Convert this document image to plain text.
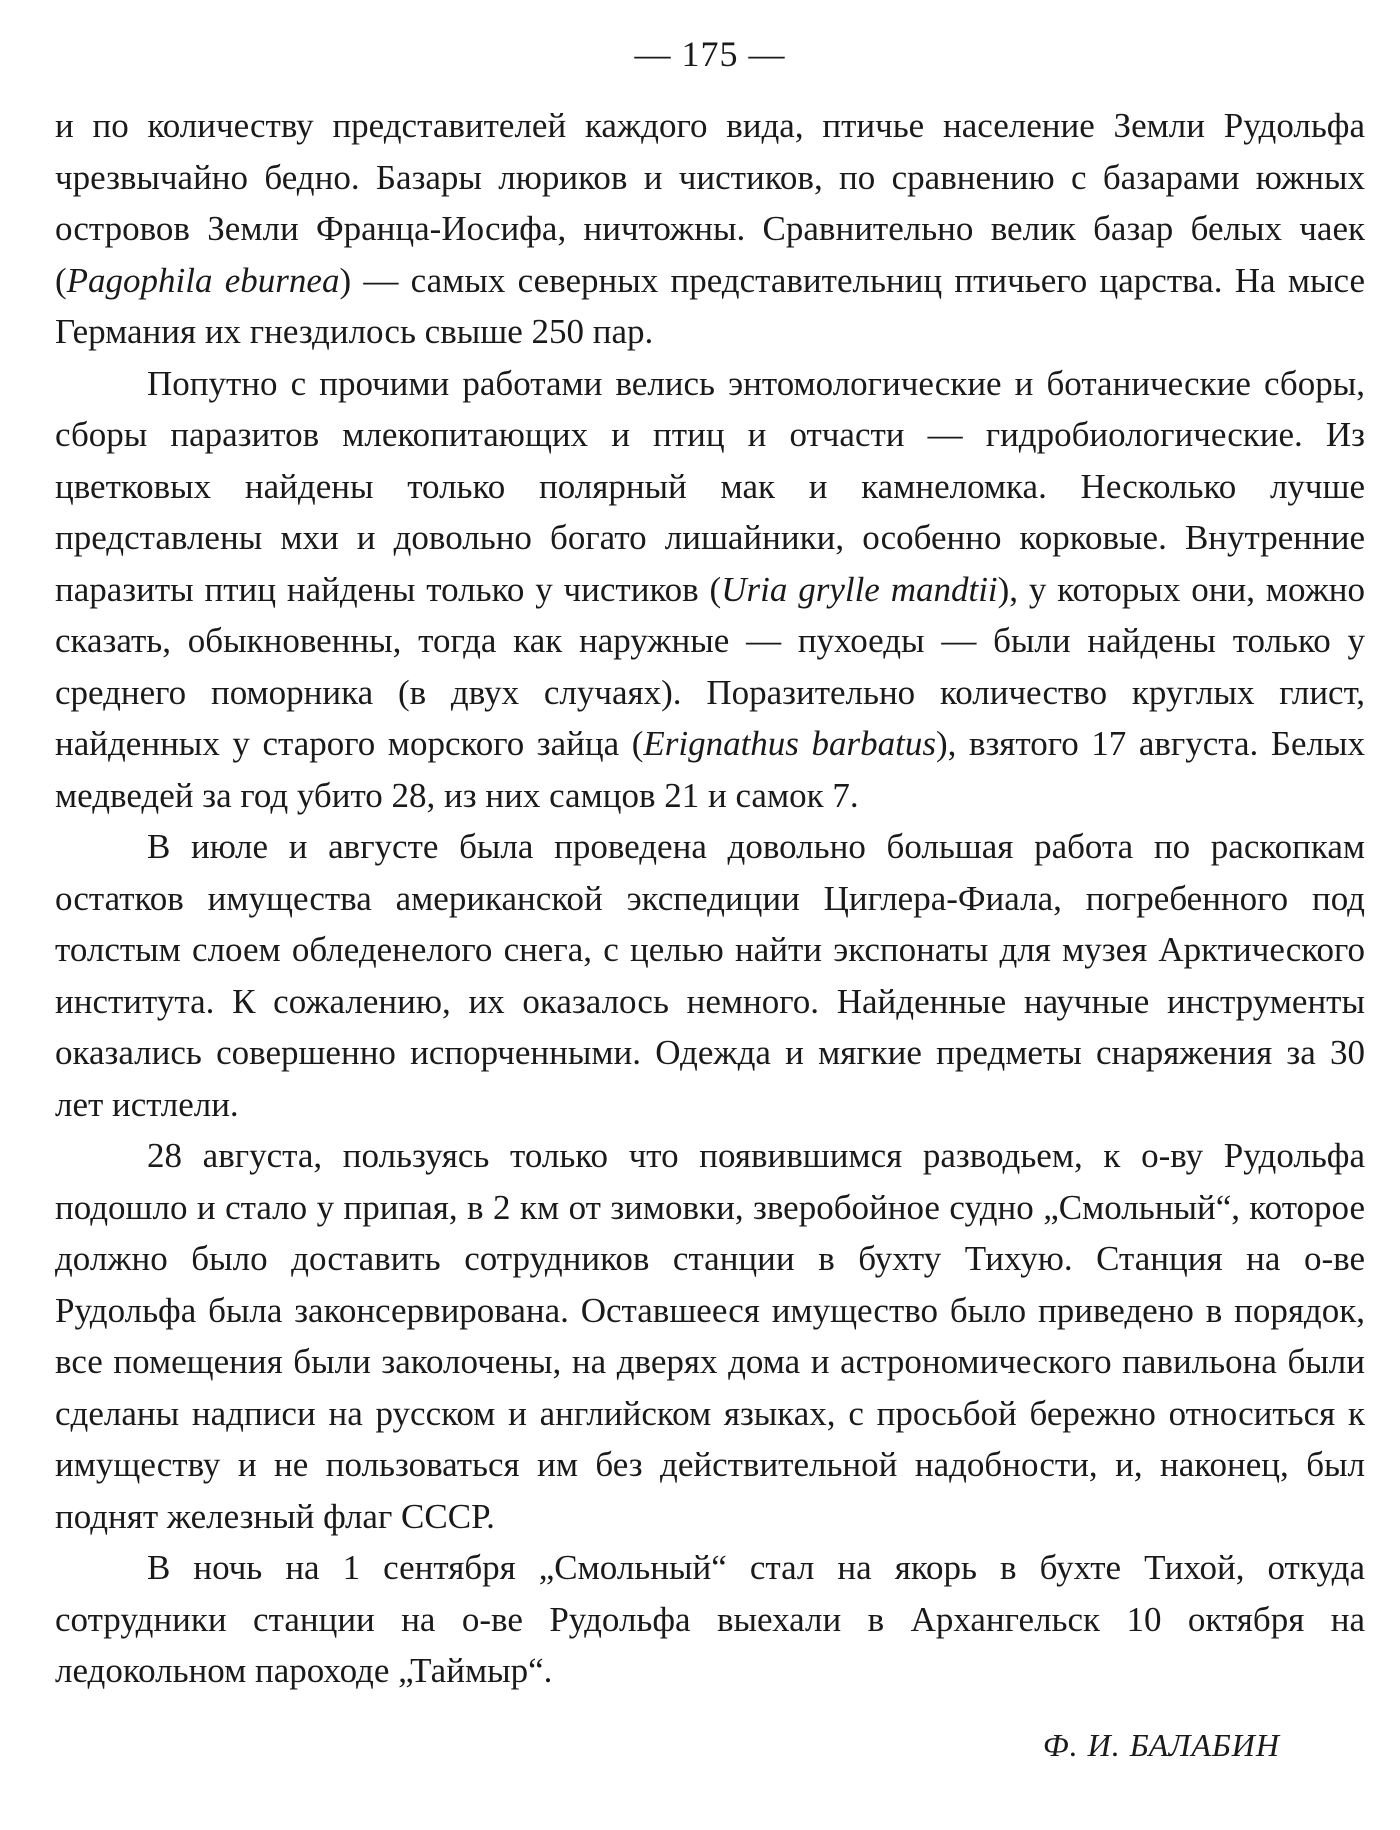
— 175 —

и по количеству представителей каждого вида, птичье население Земли Рудольфа чрезвычайно бедно. Базары люриков и чистиков, по сравнению с базарами южных островов Земли Франца-Иосифа, ничтожны. Сравнительно велик базар белых чаек (Pagophila eburnea) — самых северных представительниц птичьего царства. На мысе Германия их гнездилось свыше 250 пар.

Попутно с прочими работами велись энтомологические и ботанические сборы, сборы паразитов млекопитающих и птиц и отчасти — гидробиологические. Из цветковых найдены только полярный мак и камнеломка. Несколько лучше представлены мхи и довольно богато лишайники, особенно корковые. Внутренние паразиты птиц найдены только у чистиков (Uria grylle mandtii), у которых они, можно сказать, обыкновенны, тогда как наружные — пухоеды — были найдены только у среднего поморника (в двух случаях). Поразительно количество круглых глист, найденных у старого морского зайца (Erignathus barbatus), взятого 17 августа. Белых медведей за год убито 28, из них самцов 21 и самок 7.

В июле и августе была проведена довольно большая работа по раскопкам остатков имущества американской экспедиции Циглера-Фиала, погребенного под толстым слоем обледенелого снега, с целью найти экспонаты для музея Арктического института. К сожалению, их оказалось немного. Найденные научные инструменты оказались совершенно испорченными. Одежда и мягкие предметы снаряжения за 30 лет истлели.

28 августа, пользуясь только что появившимся разводьем, к о-ву Рудольфа подошло и стало у припая, в 2 км от зимовки, зверобойное судно „Смольный“, которое должно было доставить сотрудников станции в бухту Тихую. Станция на о-ве Рудольфа была законсервирована. Оставшееся имущество было приведено в порядок, все помещения были заколочены, на дверях дома и астрономического павильона были сделаны надписи на русском и английском языках, с просьбой бережно относиться к имуществу и не пользоваться им без действительной надобности, и, наконец, был поднят железный флаг СССР.

В ночь на 1 сентября „Смольный“ стал на якорь в бухте Тихой, откуда сотрудники станции на о-ве Рудольфа выехали в Архангельск 10 октября на ледокольном пароходе „Таймыр“.

Ф. И. БАЛАБИН
